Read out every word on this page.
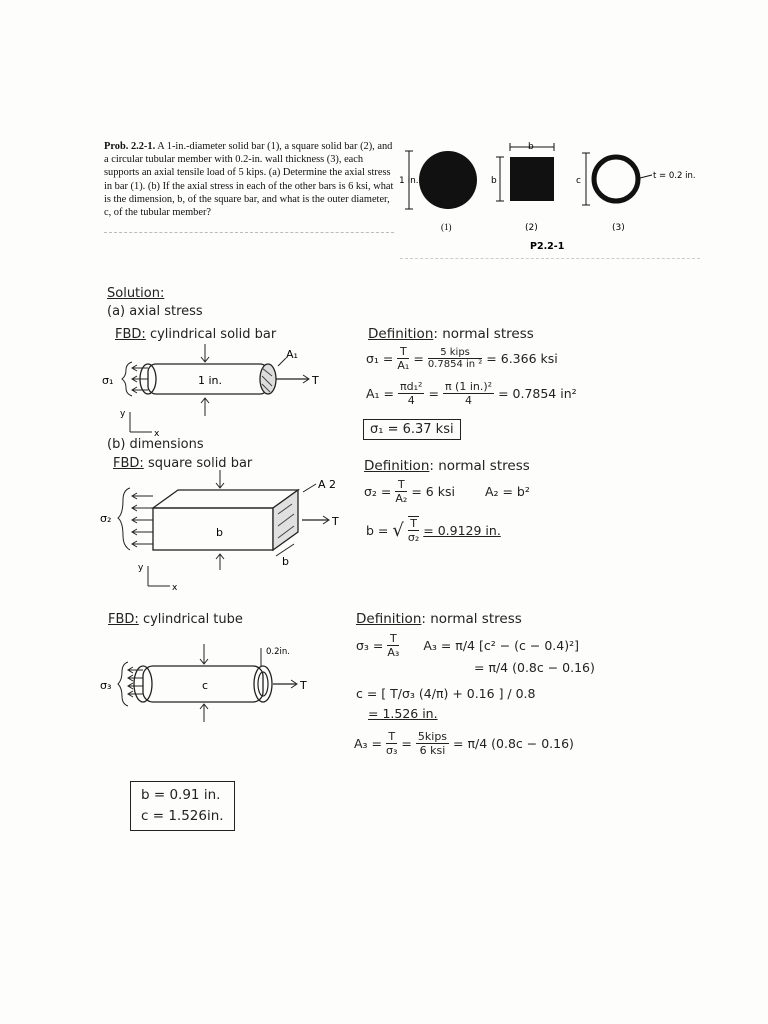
Prob. 2.2-1. A 1-in.-diameter solid bar (1), a square solid bar (2), and a circular tubular member with 0.2-in. wall thickness (3), each supports an axial tensile load of 5 kips. (a) Determine the axial stress in bar (1). (b) If the axial stress in each of the other bars is 6 ksi, what is the dimension, b, of the square bar, and what is the outer diameter, c, of the tubular member?
1 in.
b
b	c	t = 0.2 in.
(1)	(2)	(3)
P2.2-1
Solution:
(a) axial stress
FBD: cylindrical solid bar
1 in.	T
A₁
σ₁
y
x
Definition: normal stress
$\sigma_1 = \frac{T}{\text{A₁}} = \frac{\text{5 kips}}{\text{0.7854 in ²}} = 6.366$ ksi
$A_1 = \frac{\text{πd₁²}}{4} = \frac{\text{π (1 in.)²}}{4} = 0.7854$ in²
σ₁ = 6.37 ksi
(b) dimensions
FBD: square solid bar
b
b
T
A 2
σ₂
y
x
Definition: normal stress
$\sigma_2 = \frac{T}{\text{A₂}} = 6$ ksi A₂ = b²
b = √ $\frac{T}{\text{σ₂}} = 0.9129$ in.
FBD: cylindrical tube
c	T
0.2in.
σ₃
Definition: normal stress
$\sigma_3 = \frac{T}{\text{A₃}} A_3 = \pi/4$ [c² − (c − 0.4)²]
= π/4 (0.8c − 0.16)
c = [ T/σ₃ (4/π) + 0.16 ] / 0.8
= 1.526 in.
$A_3 = \frac{T}{\text{σ₃}} = \frac{\text{5kips}}{\text{6 ksi}} = \pi/4$ (0.8c − 0.16)
b = 0.91 in.
c = 1.526in.
